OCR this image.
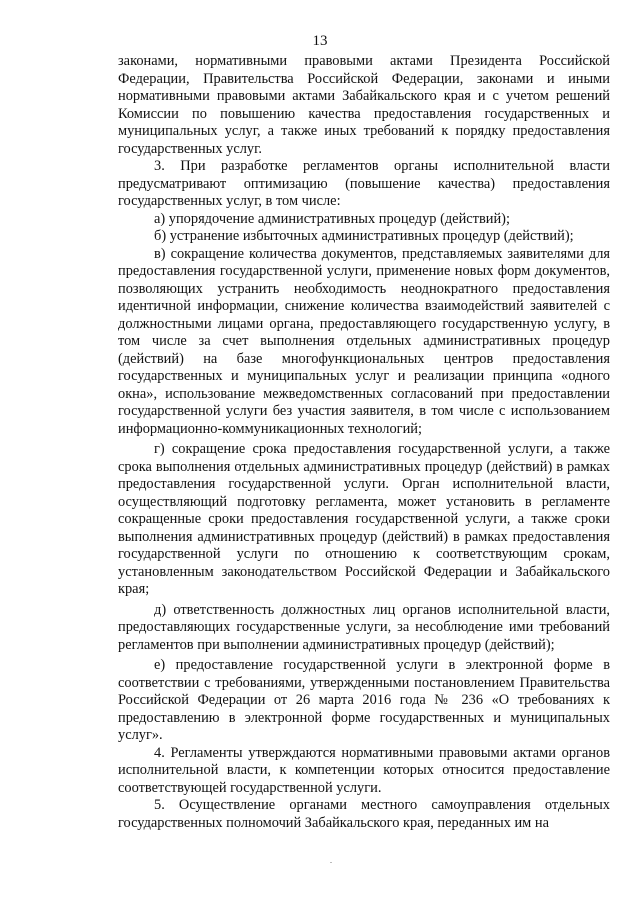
13

законами, нормативными правовыми актами Президента Российской Федерации, Правительства Российской Федерации, законами и иными нормативными правовыми актами Забайкальского края и с учетом решений Комиссии по повышению качества предоставления государственных и муниципальных услуг, а также иных требований к порядку предоставления государственных услуг.

3. При разработке регламентов органы исполнительной власти предусматривают оптимизацию (повышение качества) предоставления государственных услуг, в том числе:

а) упорядочение административных процедур (действий);

б) устранение избыточных административных процедур (действий);

в) сокращение количества документов, представляемых заявителями для предоставления государственной услуги, применение новых форм документов, позволяющих устранить необходимость неоднократного предоставления идентичной информации, снижение количества взаимодействий заявителей с должностными лицами органа, предоставляющего государственную услугу, в том числе за счет выполнения отдельных административных процедур (действий) на базе многофункциональных центров предоставления государственных и муниципальных услуг и реализации принципа «одного окна», использование межведомственных согласований при предоставлении государственной услуги без участия заявителя, в том числе с использованием информационно-коммуникационных технологий;

г) сокращение срока предоставления государственной услуги, а также срока выполнения отдельных административных процедур (действий) в рамках предоставления государственной услуги. Орган исполнительной власти, осуществляющий подготовку регламента, может установить в регламенте сокращенные сроки предоставления государственной услуги, а также сроки выполнения административных процедур (действий) в рамках предоставления государственной услуги по отношению к соответствующим срокам, установленным законодательством Российской Федерации и Забайкальского края;

д) ответственность должностных лиц органов исполнительной власти, предоставляющих государственные услуги, за несоблюдение ими требований регламентов при выполнении административных процедур (действий);

е) предоставление государственной услуги в электронной форме в соответствии с требованиями, утвержденными постановлением Правительства Российской Федерации от 26 марта 2016 года № 236 «О требованиях к предоставлению в электронной форме государственных и муниципальных услуг».

4. Регламенты утверждаются нормативными правовыми актами органов исполнительной власти, к компетенции которых относится предоставление соответствующей государственной услуги.

5. Осуществление органами местного самоуправления отдельных государственных полномочий Забайкальского края, переданных им на
